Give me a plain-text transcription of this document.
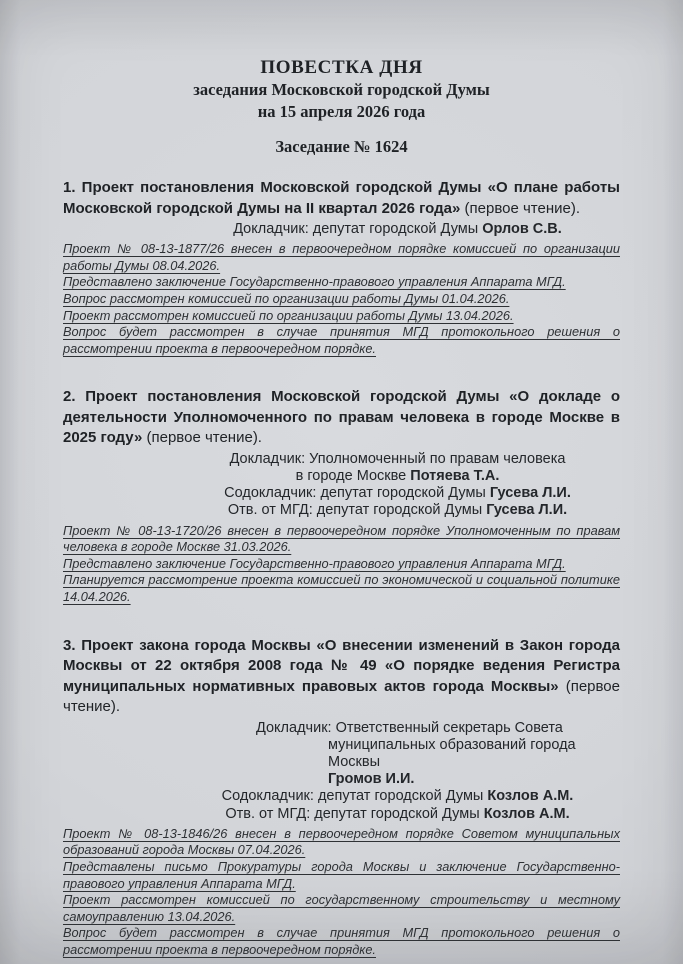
ПОВЕСТКА ДНЯ
заседания Московской городской Думы
на 15 апреля 2026 года
Заседание № 1624

1. Проект постановления Московской городской Думы «О плане работы Московской городской Думы на II квартал 2026 года» (первое чтение).

Докладчик: депутат городской Думы Орлов С.В.

Проект № 08-13-1877/26 внесен в первоочередном порядке комиссией по организации работы Думы 08.04.2026.

Представлено заключение Государственно-правового управления Аппарата МГД.

Вопрос рассмотрен комиссией по организации работы Думы 01.04.2026.

Проект рассмотрен комиссией по организации работы Думы 13.04.2026.

Вопрос будет рассмотрен в случае принятия МГД протокольного решения о рассмотрении проекта в первоочередном порядке.

2. Проект постановления Московской городской Думы «О докладе о деятельности Уполномоченного по правам человека в городе Москве в 2025 году» (первое чтение).

Докладчик: Уполномоченный по правам человека
в городе Москве Потяева Т.А.
Содокладчик: депутат городской Думы Гусева Л.И.
Отв. от МГД: депутат городской Думы Гусева Л.И.

Проект № 08-13-1720/26 внесен в первоочередном порядке Уполномоченным по правам человека в городе Москве 31.03.2026.

Представлено заключение Государственно-правового управления Аппарата МГД.

Планируется рассмотрение проекта комиссией по экономической и социальной политике 14.04.2026.

3. Проект закона города Москвы «О внесении изменений в Закон города Москвы от 22 октября 2008 года № 49 «О порядке ведения Регистра муниципальных нормативных правовых актов города Москвы» (первое чтение).

Докладчик: Ответственный секретарь Совета
муниципальных образований города Москвы
Громов И.И.
Содокладчик: депутат городской Думы Козлов А.М.
Отв. от МГД: депутат городской Думы Козлов А.М.

Проект № 08-13-1846/26 внесен в первоочередном порядке Советом муниципальных образований города Москвы 07.04.2026.

Представлены письмо Прокуратуры города Москвы и заключение Государственно-правового управления Аппарата МГД.

Проект рассмотрен комиссией по государственному строительству и местному самоуправлению 13.04.2026.

Вопрос будет рассмотрен в случае принятия МГД протокольного решения о рассмотрении проекта в первоочередном порядке.
